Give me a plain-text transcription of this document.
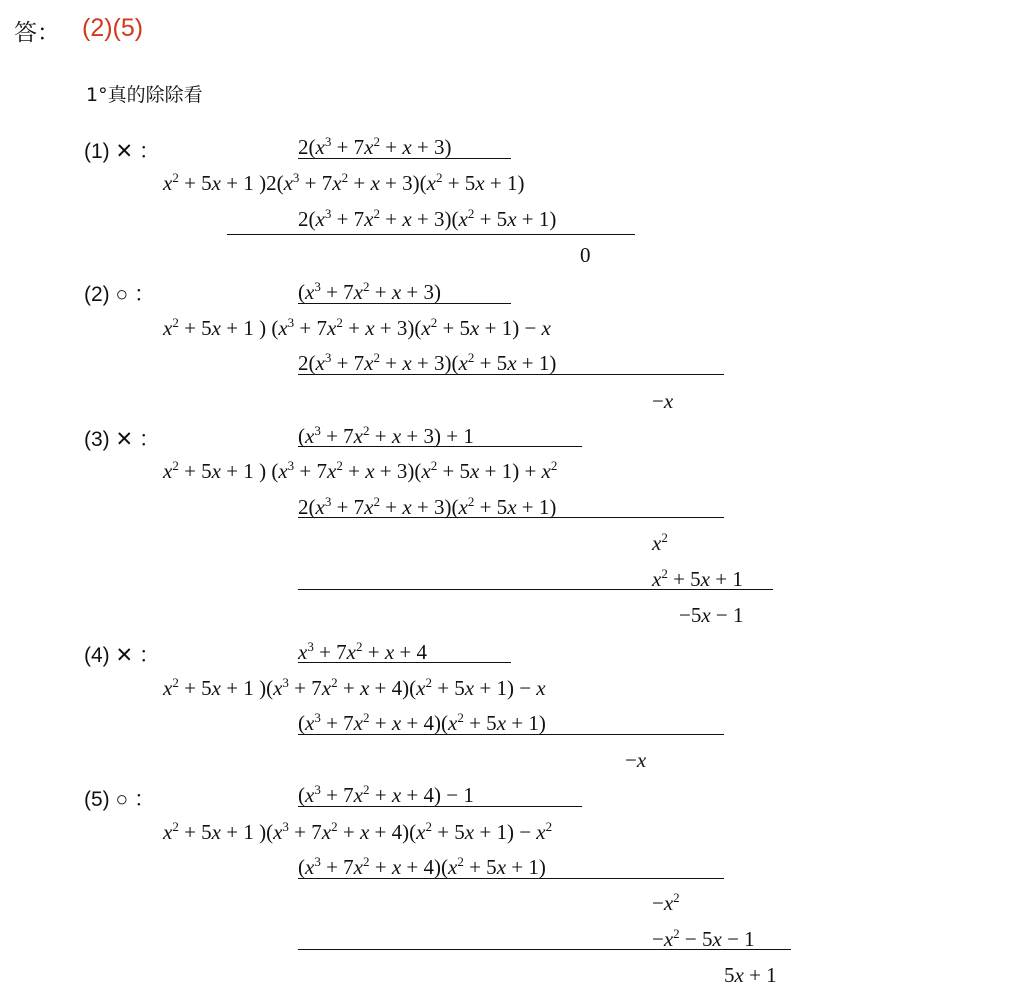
答： (2)(5)
1°真的除除看
(1) ✕ ：	$2(x^3 + 7x^2 + x + 3)$
$x^2 + 5x + 1$ )$2(x^3 + 7x^2 + x + 3)(x^2 + 5x + 1)$
$2(x^3 + 7x^2 + x + 3)(x^2 + 5x + 1)$
0
(2) ○ ：	$(x^3 + 7x^2 + x + 3)$
$x^2 + 5x + 1$ ) $(x^3 + 7x^2 + x + 3)(x^2 + 5x + 1) - x$
$2(x^3 + 7x^2 + x + 3)(x^2 + 5x + 1)$
−x
(3) ✕ ：	$(x^3 + 7x^2 + x + 3) + 1$
$x^2 + 5x + 1$ ) $(x^3 + 7x^2 + x + 3)(x^2 + 5x + 1) + x^2$
$2(x^3 + 7x^2 + x + 3)(x^2 + 5x + 1)$
$x^2$
$x^2 + 5x + 1$
−5x − 1
(4) ✕ ：	$x^3 + 7x^2 + x + 4$
$x^2 + 5x + 1$ )$(x^3 + 7x^2 + x + 4)(x^2 + 5x + 1) - x$
$(x^3 + 7x^2 + x + 4)(x^2 + 5x + 1)$
−x
(5) ○ ：	$(x^3 + 7x^2 + x + 4) - 1$
$x^2 + 5x + 1$ )$(x^3 + 7x^2 + x + 4)(x^2 + 5x + 1) - x^2$
$(x^3 + 7x^2 + x + 4)(x^2 + 5x + 1)$
$-x^2$
$-x^2 - 5x - 1$
5x + 1
